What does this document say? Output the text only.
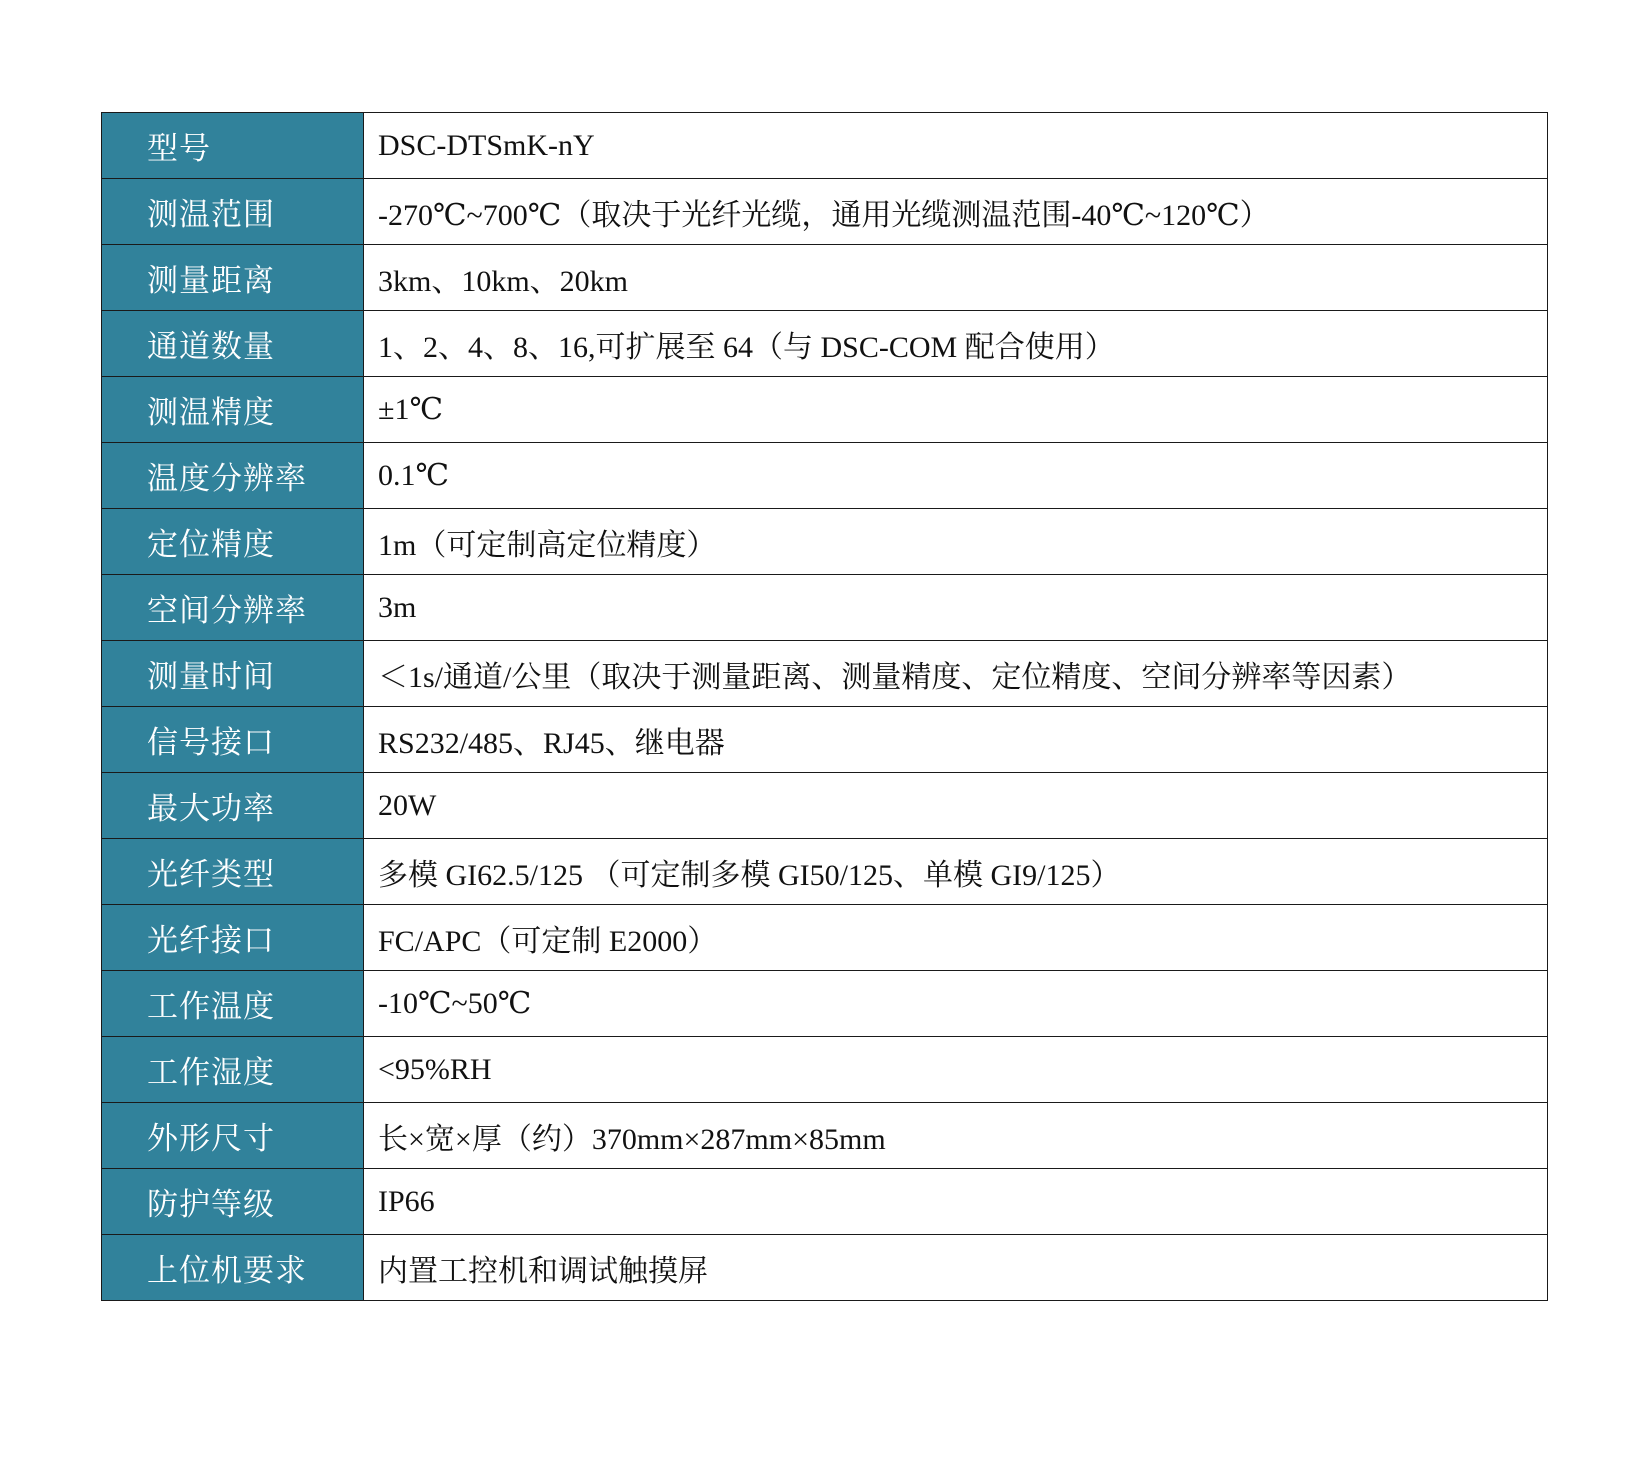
型号	DSC-DTSmK-nY
测温范围	-270℃~700℃（取决于光纤光缆，通用光缆测温范围-40℃~120℃）
测量距离	3km、10km、20km
通道数量	1、2、4、8、16,可扩展至 64（与 DSC-COM 配合使用）
测温精度	±1℃
温度分辨率	0.1℃
定位精度	1m（可定制高定位精度）
空间分辨率	3m
测量时间	＜1s/通道/公里（取决于测量距离、测量精度、定位精度、空间分辨率等因素）
信号接口	RS232/485、RJ45、继电器
最大功率	20W
光纤类型	多模 GI62.5/125 （可定制多模 GI50/125、单模 GI9/125）
光纤接口	FC/APC（可定制 E2000）
工作温度	-10℃~50℃
工作湿度	<95%RH
外形尺寸	长×宽×厚（约）370mm×287mm×85mm
防护等级	IP66
上位机要求	内置工控机和调试触摸屏
